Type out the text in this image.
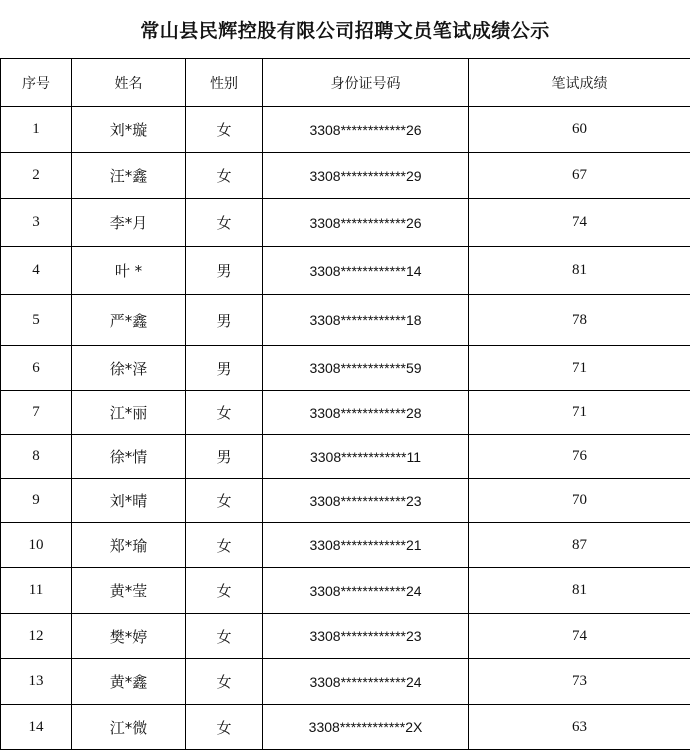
常山县民辉控股有限公司招聘文员笔试成绩公示
序号	姓名	性别	身份证号码	笔试成绩
1	刘*璇	女	3308************26	60
2	汪*鑫	女	3308************29	67
3	李*月	女	3308************26	74
4	叶 *	男	3308************14	81
5	严*鑫	男	3308************18	78
6	徐*泽	男	3308************59	71
7	江*丽	女	3308************28	71
8	徐*情	男	3308************11	76
9	刘*晴	女	3308************23	70
10	郑*瑜	女	3308************21	87
11	黄*莹	女	3308************24	81
12	樊*婷	女	3308************23	74
13	黄*鑫	女	3308************24	73
14	江*微	女	3308************2X	63
